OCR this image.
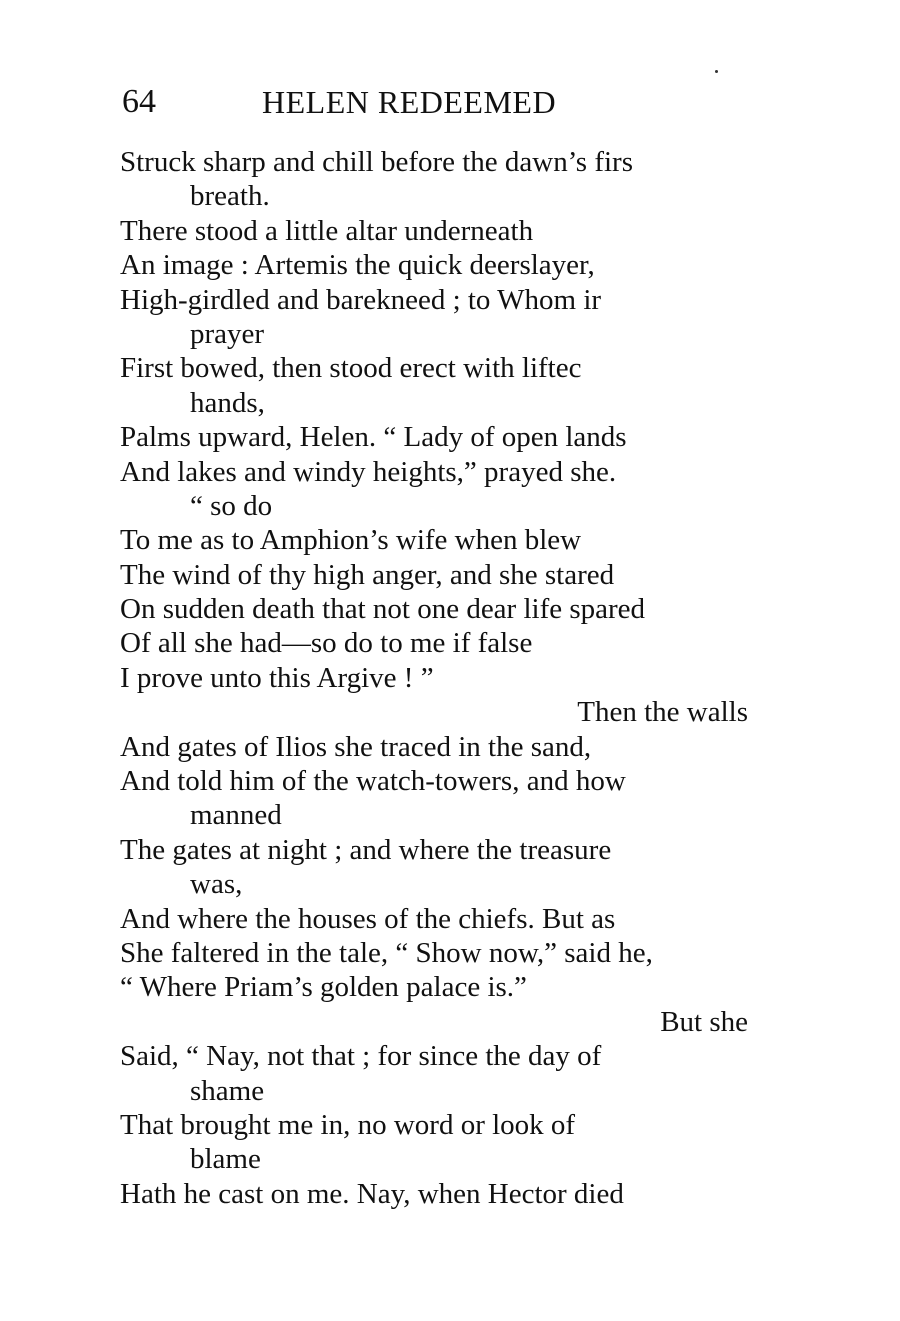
64	HELEN REDEEMED
Struck sharp and chill before the dawn’s firs
breath.
There stood a little altar underneath
An image : Artemis the quick deerslayer,
High-girdled and barekneed ; to Whom ir
prayer
First bowed, then stood erect with liftec
hands,
Palms upward, Helen. “ Lady of open lands
And lakes and windy heights,” prayed she.
“ so do
To me as to Amphion’s wife when blew
The wind of thy high anger, and she stared
On sudden death that not one dear life spared
Of all she had—so do to me if false
I prove unto this Argive ! ”
Then the walls
And gates of Ilios she traced in the sand,
And told him of the watch-towers, and how
manned
The gates at night ; and where the treasure
was,
And where the houses of the chiefs. But as
She faltered in the tale, “ Show now,” said he,
“ Where Priam’s golden palace is.”
But she
Said, “ Nay, not that ; for since the day of
shame
That brought me in, no word or look of
blame
Hath he cast on me. Nay, when Hector died
